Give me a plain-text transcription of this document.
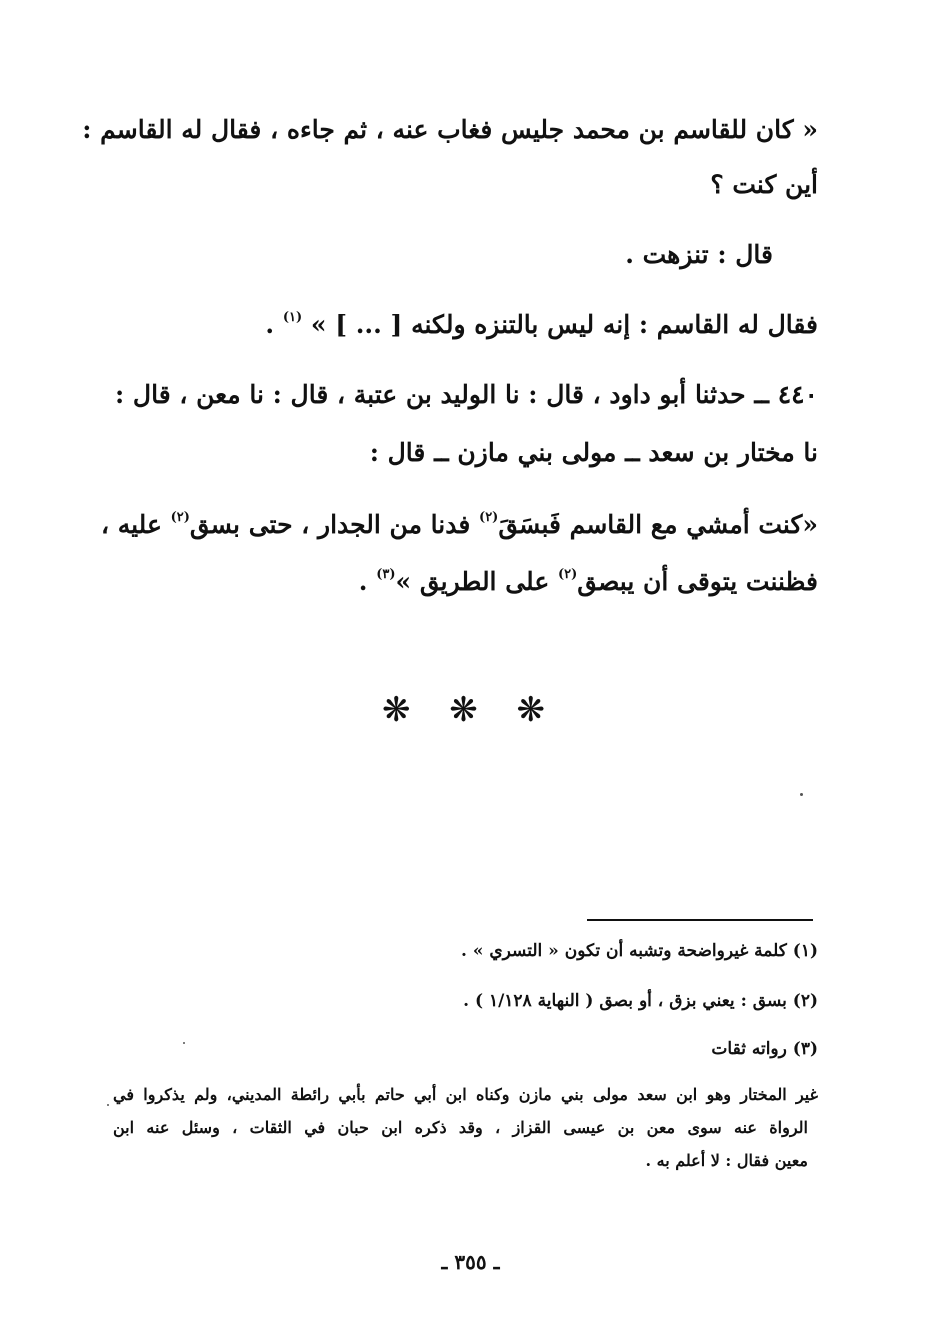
« كان للقاسم بن محمد جليس فغاب عنه ، ثم جاءه ، فقال له القاسم :
أين كنت ؟
قال : تنزهت .
فقال له القاسم : إنه ليس بالتنزه ولكنه [ ... ] » $^{(١)}$ .
٤٤٠ ــ حدثنا أبو داود ، قال : نا الوليد بن عتبة ، قال : نا معن ، قال :
نا مختار بن سعد ــ مولى بني مازن ــ قال :
«كنت أمشي مع القاسم فَبسَقَ$^{(٢)}$ فدنا من الجدار ، حتى بسق$^{(٢)}$ عليه ،
فظننت يتوقى أن يبصق$^{(٢)}$ على الطريق »$^{(٣)}$ .
❋ ❋ ❋
(١) كلمة غيرواضحة وتشبه أن تكون « التسري » .
(٢) بسق : يعني بزق ، أو بصق ( النهاية ١/١٢٨ ) .
(٣) رواته ثقات
غير المختار وهو ابن سعد مولى بني مازن وكناه ابن أبي حاتم بأبي رائطة المديني، ولم يذكروا في
الرواة عنه سوى معن بن عيسى القزاز ، وقد ذكره ابن حبان في الثقات ، وسئل عنه ابن
معين فقال : لا أعلم به .
ـ ٣٥٥ ـ
